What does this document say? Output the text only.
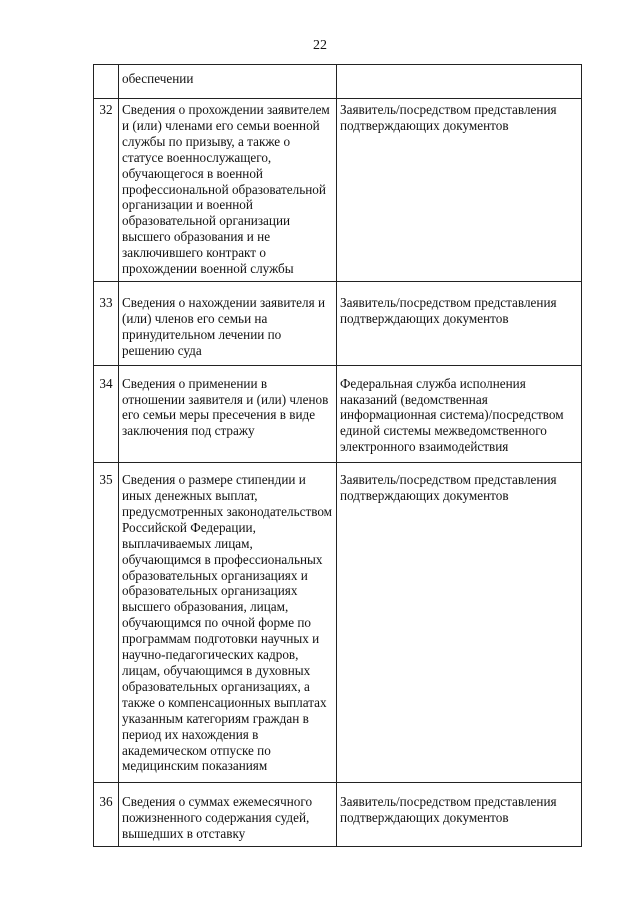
22
	обеспечении	
32	Сведения о прохождении заявителем и (или) членами его семьи военной службы по призыву, а также о статусе военнослужащего, обучающегося в военной профессиональной образовательной организации и военной образовательной организации высшего образования и не заключившего контракт о прохождении военной службы	Заявитель/посредством представления подтверждающих документов
33	Сведения о нахождении заявителя и (или) членов его семьи на принудительном лечении по решению суда	Заявитель/посредством представления подтверждающих документов
34	Сведения о применении в отношении заявителя и (или) членов его семьи меры пресечения в виде заключения под стражу	Федеральная служба исполнения наказаний (ведомственная информационная система)/посредством единой системы межведомственного электронного взаимодействия
35	Сведения о размере стипендии и иных денежных выплат, предусмотренных законодательством Российской Федерации, выплачиваемых лицам, обучающимся в профессиональных образовательных организациях и образовательных организациях высшего образования, лицам, обучающимся по очной форме по программам подготовки научных и научно-педагогических кадров, лицам, обучающимся в духовных образовательных организациях, а также о компенсационных выплатах указанным категориям граждан в период их нахождения в академическом отпуске по медицинским показаниям	Заявитель/посредством представления подтверждающих документов
36	Сведения о суммах ежемесячного пожизненного содержания судей, вышедших в отставку	Заявитель/посредством представления подтверждающих документов
